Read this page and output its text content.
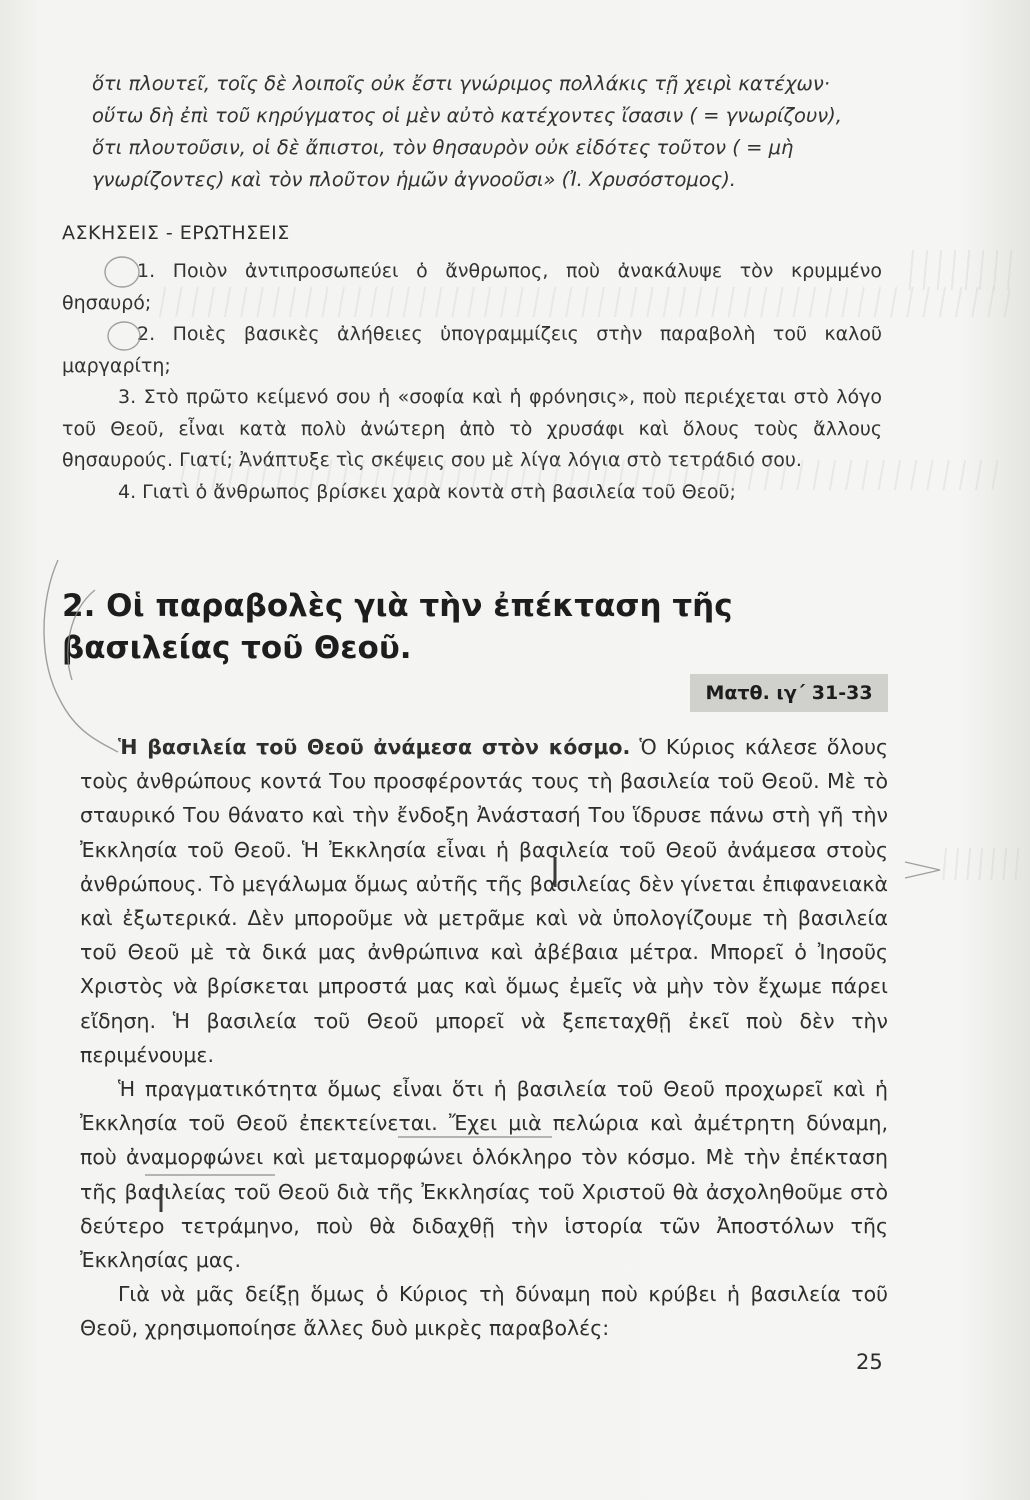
ὅτι πλουτεῖ, τοῖς δὲ λοιποῖς οὐκ ἔστι γνώριμος πολλάκις τῇ χειρὶ κατέχων·

οὕτω δὴ ἐπὶ τοῦ κηρύγματος οἱ μὲν αὐτὸ κατέχοντες ἴσασιν ( = γνωρίζουν),

ὅτι πλουτοῦσιν, οἱ δὲ ἄπιστοι, τὸν θησαυρὸν οὐκ εἰδότες τοῦτον ( = μὴ

γνωρίζοντες) καὶ τὸν πλοῦτον ἡμῶν ἀγνοοῦσι» (Ἰ. Χρυσόστομος).

ΑΣΚΗΣΕΙΣ - ΕΡΩΤΗΣΕΙΣ

1. Ποιὸν ἀντιπροσωπεύει ὁ ἄνθρωπος, ποὺ ἀνακάλυψε τὸν κρυμμένο θησαυρό;

2. Ποιὲς βασικὲς ἀλήθειες ὑπογραμμίζεις στὴν παραβολὴ τοῦ καλοῦ μαργαρίτη;

3. Στὸ πρῶτο κείμενό σου ἡ «σοφία καὶ ἡ φρόνησις», ποὺ περιέχεται στὸ λόγο τοῦ Θεοῦ, εἶναι κατὰ πολὺ ἀνώτερη ἀπὸ τὸ χρυσάφι καὶ ὅλους τοὺς ἄλλους θησαυρούς. Γιατί; Ἀνάπτυξε τὶς σκέψεις σου μὲ λίγα λόγια στὸ τετράδιό σου.

4. Γιατὶ ὁ ἄνθρωπος βρίσκει χαρὰ κοντὰ στὴ βασιλεία τοῦ Θεοῦ;

2. Οἱ παραβολὲς γιὰ τὴν ἐπέκταση τῆς βασιλείας τοῦ Θεοῦ.
Ματθ. ιγ΄ 31-33

Ἡ βασιλεία τοῦ Θεοῦ ἀνάμεσα στὸν κόσμο. Ὁ Κύριος κάλεσε ὅλους τοὺς ἀνθρώπους κοντά Του προσφέροντάς τους τὴ βασιλεία τοῦ Θεοῦ. Μὲ τὸ σταυρικό Του θάνατο καὶ τὴν ἔνδοξη Ἀνάστασή Του ἵδρυσε πάνω στὴ γῆ τὴν Ἐκκλησία τοῦ Θεοῦ. Ἡ Ἐκκλησία εἶναι ἡ βασιλεία τοῦ Θεοῦ ἀνάμεσα στοὺς ἀνθρώπους. Τὸ μεγάλωμα ὅμως αὐτῆς τῆς βασιλείας δὲν γίνεται ἐπιφανειακὰ καὶ ἐξωτερικά. Δὲν μποροῦμε νὰ μετρᾶμε καὶ νὰ ὑπολογίζουμε τὴ βασιλεία τοῦ Θεοῦ μὲ τὰ δικά μας ἀνθρώπινα καὶ ἀβέβαια μέτρα. Μπορεῖ ὁ Ἰησοῦς Χριστὸς νὰ βρίσκεται μπροστά μας καὶ ὅμως ἐμεῖς νὰ μὴν τὸν ἔχωμε πάρει εἴδηση. Ἡ βασιλεία τοῦ Θεοῦ μπορεῖ νὰ ξεπεταχθῇ ἐκεῖ ποὺ δὲν τὴν περιμένουμε.

Ἡ πραγματικότητα ὅμως εἶναι ὅτι ἡ βασιλεία τοῦ Θεοῦ προχωρεῖ καὶ ἡ Ἐκκλησία τοῦ Θεοῦ ἐπεκτείνεται. Ἔχει μιὰ πελώρια καὶ ἀμέτρητη δύναμη, ποὺ ἀναμορφώνει καὶ μεταμορφώνει ὁλόκληρο τὸν κόσμο. Μὲ τὴν ἐπέκταση τῆς βασιλείας τοῦ Θεοῦ διὰ τῆς Ἐκκλησίας τοῦ Χριστοῦ θὰ ἀσχοληθοῦμε στὸ δεύτερο τετράμηνο, ποὺ θὰ διδαχθῇ τὴν ἱστορία τῶν Ἀποστόλων τῆς Ἐκκλησίας μας.

Γιὰ νὰ μᾶς δείξῃ ὅμως ὁ Κύριος τὴ δύναμη ποὺ κρύβει ἡ βασιλεία τοῦ Θεοῦ, χρησιμοποίησε ἄλλες δυὸ μικρὲς παραβολές:

25
